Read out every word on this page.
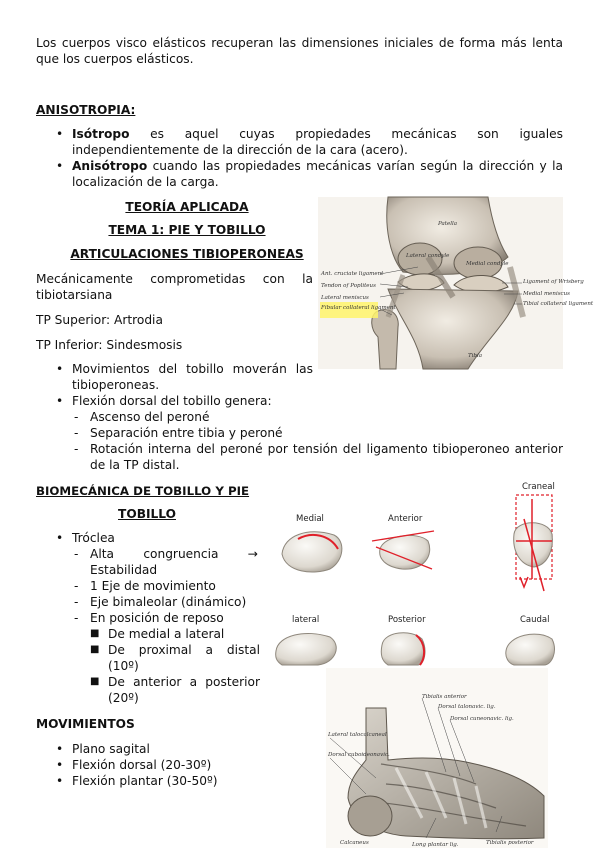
Los cuerpos visco elásticos recuperan las dimensiones iniciales de forma más lenta que los cuerpos elásticos.
ANISOTROPIA:
• Isótropo es aquel cuyas propiedades mecánicas son iguales independientemente de la dirección de la cara (acero).
• Anisótropo cuando las propiedades mecánicas varían según la dirección y la localización de la carga.
TEORÍA APLICADA
TEMA 1: PIE Y TOBILLO
ARTICULACIONES TIBIOPERONEAS
Mecánicamente comprometidas con la tibiotarsiana
TP Superior: Artrodia
TP Inferior: Sindesmosis
• Movimientos del tobillo moverán las tibioperoneas.
• Flexión dorsal del tobillo genera:
- Ascenso del peroné
- Separación entre tibia y peroné
- Rotación interna del peroné por tensión del ligamento tibioperoneo anterior de la TP distal.
Ant. cruciate ligament
Tendon of Popliteus
Lateral meniscus
Fibular collateral ligament
Ligament of Wrisberg
Medial meniscus
Tibial collateral ligament
Lateral condyle
Medial condyle
Patella
Tibia
BIOMECÁNICA DE TOBILLO Y PIE
TOBILLO
• Tróclea
- Alta congruencia → Estabilidad
- 1 Eje de movimiento
- Eje bimaleolar (dinámico)
- En posición de reposo
■ De medial a lateral
■ De proximal a distal (10º)
■ De anterior a posterior (20º)
Medial	Anterior
Craneal
lateral	Posterior	Caudal
MOVIMIENTOS
• Plano sagital
• Flexión dorsal (20-30º)
• Flexión plantar (30-50º)
Tibialis anterior
Dorsal talonavic. lig.
Dorsal cuneonavic. lig.
Lateral talocalcaneal
Dorsal cuboideonavic.
Long plantar lig.
Calcaneus	Tibialis posterior
